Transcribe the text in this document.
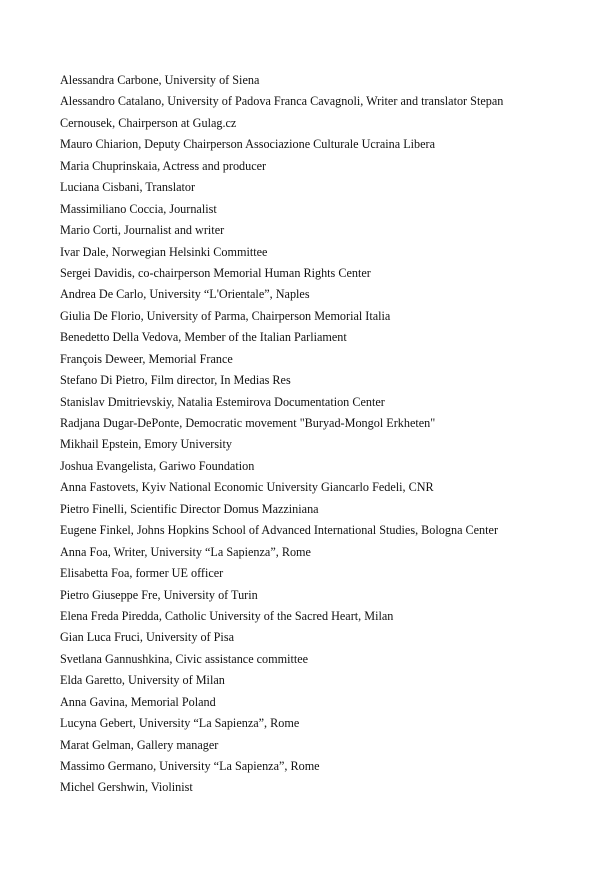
Alessandra Carbone, University of Siena
Alessandro Catalano, University of Padova Franca Cavagnoli, Writer and translator Stepan
Cernousek, Chairperson at Gulag.cz
Mauro Chiarion, Deputy Chairperson Associazione Culturale Ucraina Libera
Maria Chuprinskaia, Actress and producer
Luciana Cisbani, Translator
Massimiliano Coccia, Journalist
Mario Corti, Journalist and writer
Ivar Dale, Norwegian Helsinki Committee
Sergei Davidis, co-chairperson Memorial Human Rights Center
Andrea De Carlo, University “L'Orientale”, Naples
Giulia De Florio, University of Parma, Chairperson Memorial Italia
Benedetto Della Vedova, Member of the Italian Parliament
François Deweer, Memorial France
Stefano Di Pietro, Film director, In Medias Res
Stanislav Dmitrievskiy, Natalia Estemirova Documentation Center
Radjana Dugar-DePonte, Democratic movement "Buryad-Mongol Erkheten"
Mikhail Epstein, Emory University
Joshua Evangelista, Gariwo Foundation
Anna Fastovets, Kyiv National Economic University Giancarlo Fedeli, CNR
Pietro Finelli, Scientific Director Domus Mazziniana
Eugene Finkel, Johns Hopkins School of Advanced International Studies, Bologna Center
Anna Foa, Writer, University “La Sapienza”, Rome
Elisabetta Foa, former UE officer
Pietro Giuseppe Fre, University of Turin
Elena Freda Piredda, Catholic University of the Sacred Heart, Milan
Gian Luca Fruci, University of Pisa
Svetlana Gannushkina, Civic assistance committee
Elda Garetto, University of Milan
Anna Gavina, Memorial Poland
Lucyna Gebert, University “La Sapienza”, Rome
Marat Gelman, Gallery manager
Massimo Germano, University “La Sapienza”, Rome
Michel Gershwin, Violinist
